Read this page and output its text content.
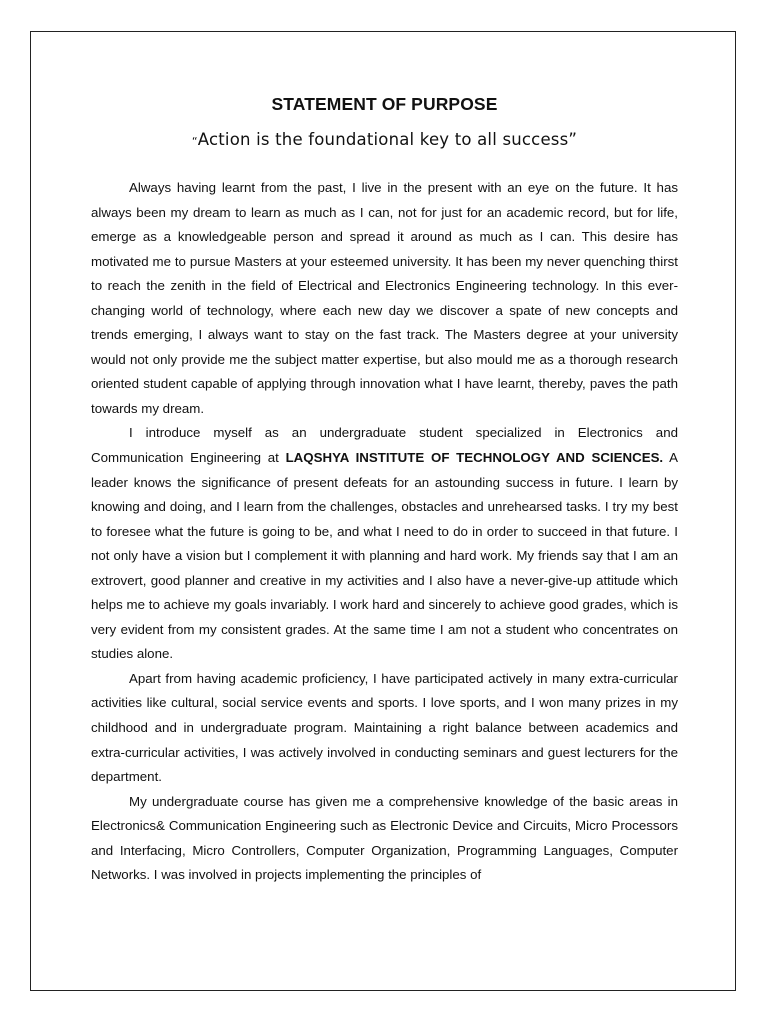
STATEMENT OF PURPOSE

“Action is the foundational key to all success”

Always having learnt from the past, I live in the present with an eye on the future. It has always been my dream to learn as much as I can, not for just for an academic record, but for life, emerge as a knowledgeable person and spread it around as much as I can. This desire has motivated me to pursue Masters at your esteemed university. It has been my never quenching thirst to reach the zenith in the field of Electrical and Electronics Engineering technology. In this ever-changing world of technology, where each new day we discover a spate of new concepts and trends emerging, I always want to stay on the fast track. The Masters degree at your university would not only provide me the subject matter expertise, but also mould me as a thorough research oriented student capable of applying through innovation what I have learnt, thereby, paves the path towards my dream.

I introduce myself as an undergraduate student specialized in Electronics and Communication Engineering at LAQSHYA INSTITUTE OF TECHNOLOGY AND SCIENCES. A leader knows the significance of present defeats for an astounding success in future. I learn by knowing and doing, and I learn from the challenges, obstacles and unrehearsed tasks. I try my best to foresee what the future is going to be, and what I need to do in order to succeed in that future. I not only have a vision but I complement it with planning and hard work. My friends say that I am an extrovert, good planner and creative in my activities and I also have a never-give-up attitude which helps me to achieve my goals invariably. I work hard and sincerely to achieve good grades, which is very evident from my consistent grades. At the same time I am not a student who concentrates on studies alone.

Apart from having academic proficiency, I have participated actively in many extra-curricular activities like cultural, social service events and sports. I love sports, and I won many prizes in my childhood and in undergraduate program. Maintaining a right balance between academics and extra-curricular activities, I was actively involved in conducting seminars and guest lecturers for the department.

My undergraduate course has given me a comprehensive knowledge of the basic areas in Electronics& Communication Engineering such as Electronic Device and Circuits, Micro Processors and Interfacing, Micro Controllers, Computer Organization, Programming Languages, Computer Networks. I was involved in projects implementing the principles of
